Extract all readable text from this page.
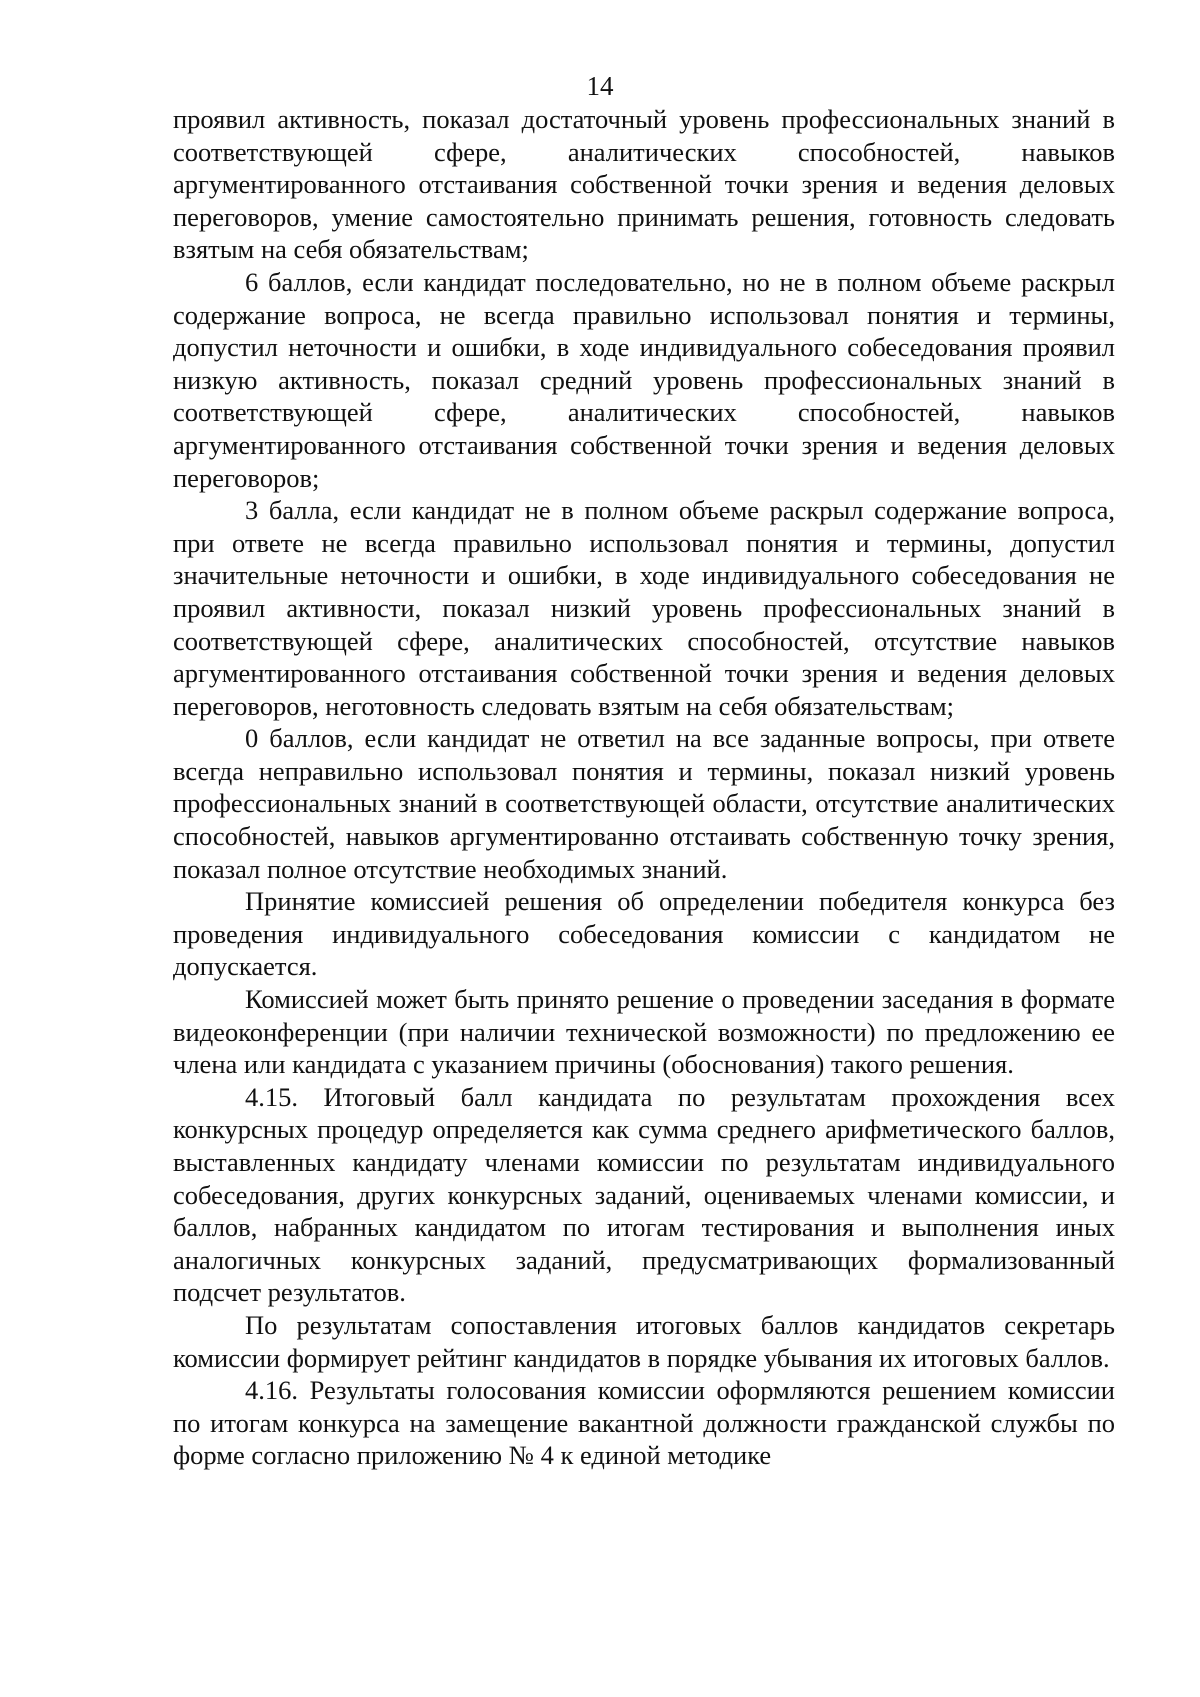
14

проявил активность, показал достаточный уровень профессиональных знаний в соответствующей сфере, аналитических способностей, навыков аргументированного отстаивания собственной точки зрения и ведения деловых переговоров, умение самостоятельно принимать решения, готовность следовать взятым на себя обязательствам;

6 баллов, если кандидат последовательно, но не в полном объеме раскрыл содержание вопроса, не всегда правильно использовал понятия и термины, допустил неточности и ошибки, в ходе индивидуального собеседования проявил низкую активность, показал средний уровень профессиональных знаний в соответствующей сфере, аналитических способностей, навыков аргументированного отстаивания собственной точки зрения и ведения деловых переговоров;

3 балла, если кандидат не в полном объеме раскрыл содержание вопроса, при ответе не всегда правильно использовал понятия и термины, допустил значительные неточности и ошибки, в ходе индивидуального собеседования не проявил активности, показал низкий уровень профессиональных знаний в соответствующей сфере, аналитических способностей, отсутствие навыков аргументированного отстаивания собственной точки зрения и ведения деловых переговоров, неготовность следовать взятым на себя обязательствам;

0 баллов, если кандидат не ответил на все заданные вопросы, при ответе всегда неправильно использовал понятия и термины, показал низкий уровень профессиональных знаний в соответствующей области, отсутствие аналитических способностей, навыков аргументированно отстаивать собственную точку зрения, показал полное отсутствие необходимых знаний.

Принятие комиссией решения об определении победителя конкурса без проведения индивидуального собеседования комиссии с кандидатом не допускается.

Комиссией может быть принято решение о проведении заседания в формате видеоконференции (при наличии технической возможности) по предложению ее члена или кандидата с указанием причины (обоснования) такого решения.

4.15. Итоговый балл кандидата по результатам прохождения всех конкурсных процедур определяется как сумма среднего арифметического баллов, выставленных кандидату членами комиссии по результатам индивидуального собеседования, других конкурсных заданий, оцениваемых членами комиссии, и баллов, набранных кандидатом по итогам тестирования и выполнения иных аналогичных конкурсных заданий, предусматривающих формализованный подсчет результатов.

По результатам сопоставления итоговых баллов кандидатов секретарь комиссии формирует рейтинг кандидатов в порядке убывания их итоговых баллов.

4.16. Результаты голосования комиссии оформляются решением комиссии по итогам конкурса на замещение вакантной должности гражданской службы по форме согласно приложению № 4 к единой методике
